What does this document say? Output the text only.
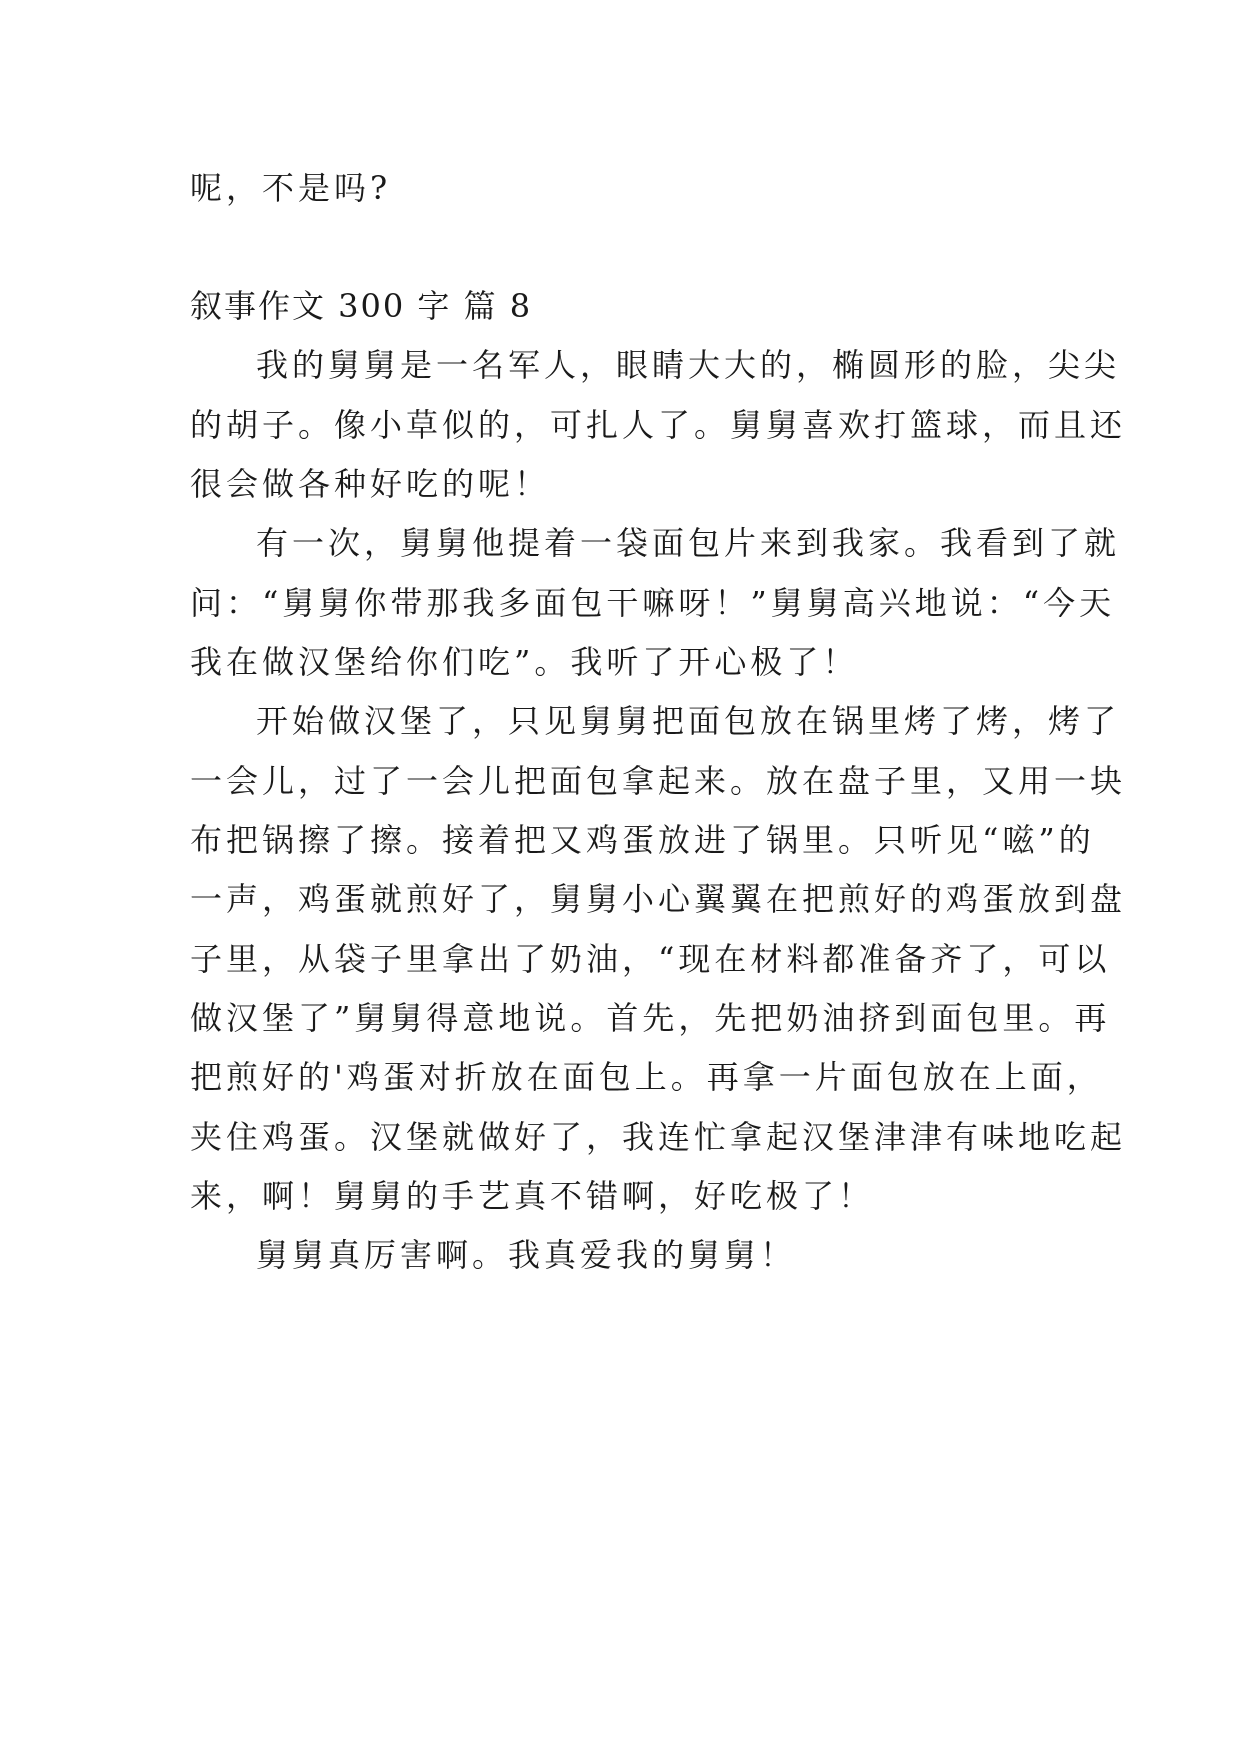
呢，不是吗?
叙事作文 300 字 篇 8
我的舅舅是一名军人，眼睛大大的，椭圆形的脸，尖尖
的胡子。像小草似的，可扎人了。舅舅喜欢打篮球，而且还
很会做各种好吃的呢！
有一次，舅舅他提着一袋面包片来到我家。我看到了就
问：“舅舅你带那我多面包干嘛呀！”舅舅高兴地说：“今天
我在做汉堡给你们吃”。我听了开心极了！
开始做汉堡了，只见舅舅把面包放在锅里烤了烤，烤了
一会儿，过了一会儿把面包拿起来。放在盘子里，又用一块
布把锅擦了擦。接着把又鸡蛋放进了锅里。只听见“嗞”的
一声，鸡蛋就煎好了，舅舅小心翼翼在把煎好的鸡蛋放到盘
子里，从袋子里拿出了奶油，“现在材料都准备齐了，可以
做汉堡了”舅舅得意地说。首先，先把奶油挤到面包里。再
把煎好的'鸡蛋对折放在面包上。再拿一片面包放在上面，
夹住鸡蛋。汉堡就做好了，我连忙拿起汉堡津津有味地吃起
来，啊！舅舅的手艺真不错啊，好吃极了！
舅舅真厉害啊。我真爱我的舅舅！
